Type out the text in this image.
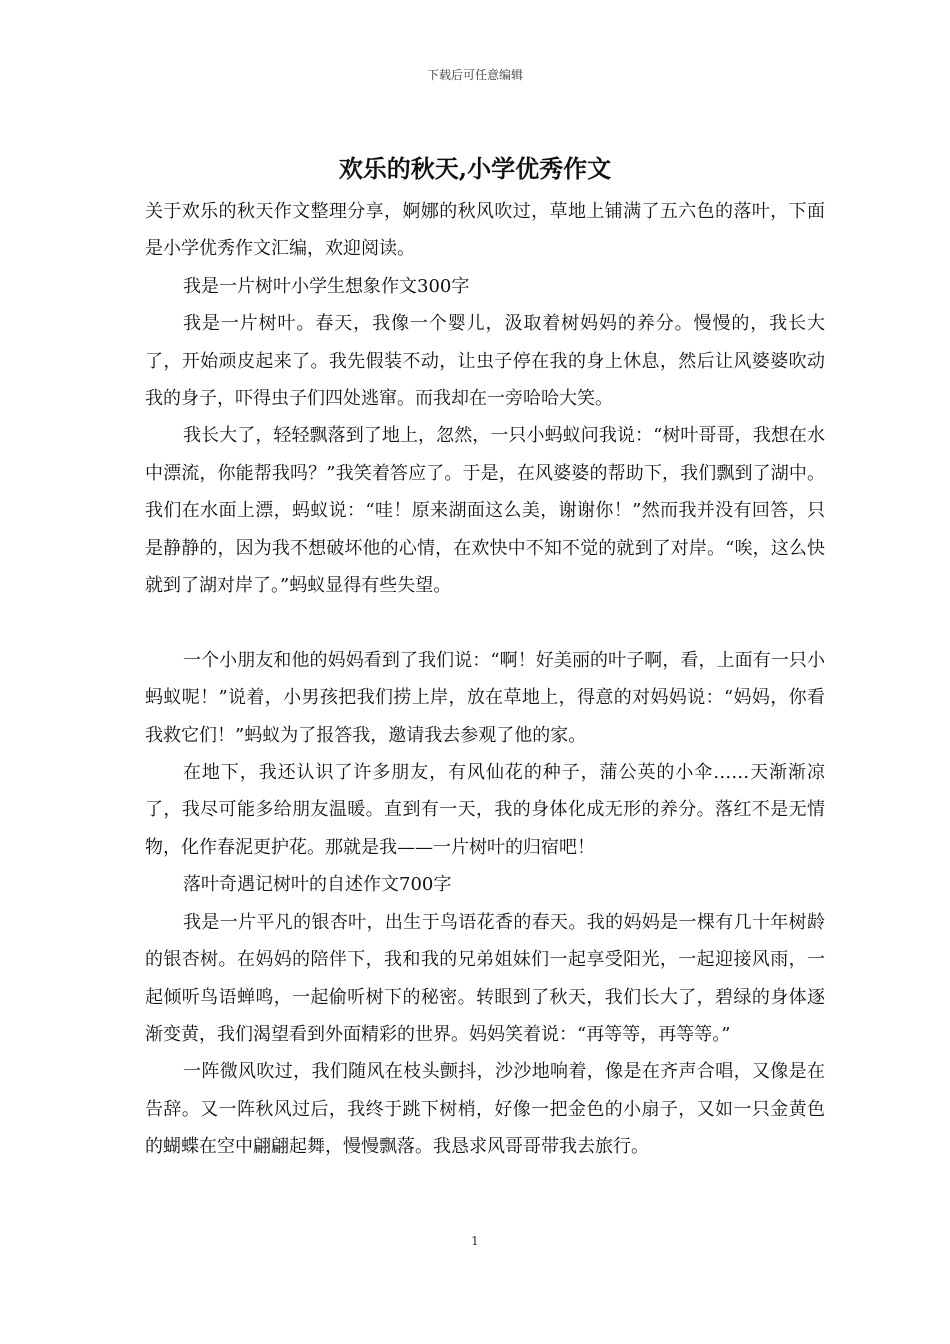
下载后可任意编辑
欢乐的秋天,小学优秀作文

关于欢乐的秋天作文整理分享，婀娜的秋风吹过，草地上铺满了五六色的落叶，下面是小学优秀作文汇编，欢迎阅读。

我是一片树叶小学生想象作文300字

我是一片树叶。春天，我像一个婴儿，汲取着树妈妈的养分。慢慢的，我长大了，开始顽皮起来了。我先假装不动，让虫子停在我的身上休息，然后让风婆婆吹动我的身子，吓得虫子们四处逃窜。而我却在一旁哈哈大笑。

我长大了，轻轻飘落到了地上，忽然，一只小蚂蚁问我说：“树叶哥哥，我想在水中漂流，你能帮我吗？”我笑着答应了。于是，在风婆婆的帮助下，我们飘到了湖中。我们在水面上漂，蚂蚁说：“哇！原来湖面这么美，谢谢你！”然而我并没有回答，只是静静的，因为我不想破坏他的心情，在欢快中不知不觉的就到了对岸。“唉，这么快就到了湖对岸了。”蚂蚁显得有些失望。

一个小朋友和他的妈妈看到了我们说：“啊！好美丽的叶子啊，看，上面有一只小蚂蚁呢！”说着，小男孩把我们捞上岸，放在草地上，得意的对妈妈说：“妈妈，你看我救它们！”蚂蚁为了报答我，邀请我去参观了他的家。

在地下，我还认识了许多朋友，有风仙花的种子，蒲公英的小伞……天渐渐凉了，我尽可能多给朋友温暖。直到有一天，我的身体化成无形的养分。落红不是无情物，化作春泥更护花。那就是我——一片树叶的归宿吧！

落叶奇遇记树叶的自述作文700字

我是一片平凡的银杏叶，出生于鸟语花香的春天。我的妈妈是一棵有几十年树龄的银杏树。在妈妈的陪伴下，我和我的兄弟姐妹们一起享受阳光，一起迎接风雨，一起倾听鸟语蝉鸣，一起偷听树下的秘密。转眼到了秋天，我们长大了，碧绿的身体逐渐变黄，我们渴望看到外面精彩的世界。妈妈笑着说：“再等等，再等等。”

一阵微风吹过，我们随风在枝头颤抖，沙沙地响着，像是在齐声合唱，又像是在告辞。又一阵秋风过后，我终于跳下树梢，好像一把金色的小扇子，又如一只金黄色的蝴蝶在空中翩翩起舞，慢慢飘落。我恳求风哥哥带我去旅行。

1
